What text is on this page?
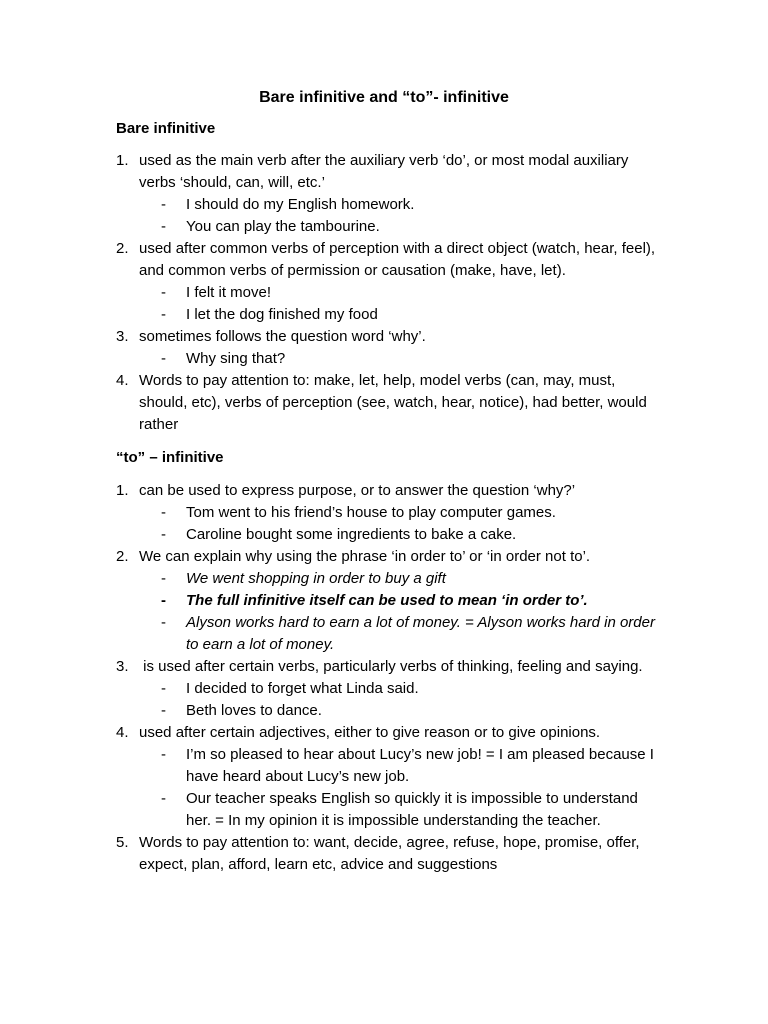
Bare infinitive and “to”- infinitive
Bare infinitive
1. used as the main verb after the auxiliary verb ‘do’, or most modal auxiliary verbs ‘should, can, will, etc.’
- I should do my English homework.
- You can play the tambourine.
2. used after common verbs of perception with a direct object (watch, hear, feel), and common verbs of permission or causation (make, have, let).
- I felt it move!
- I let the dog finished my food
3. sometimes follows the question word ‘why’.
- Why sing that?
4. Words to pay attention to: make, let, help, model verbs (can, may, must, should, etc), verbs of perception (see, watch, hear, notice), had better, would rather
“to” – infinitive
1. can be used to express purpose, or to answer the question ‘why?’
- Tom went to his friend’s house to play computer games.
- Caroline bought some ingredients to bake a cake.
2. We can explain why using the phrase ‘in order to’ or ‘in order not to’.
- We went shopping in order to buy a gift
- The full infinitive itself can be used to mean ‘in order to’.
- Alyson works hard to earn a lot of money. = Alyson works hard in order to earn a lot of money.
3. is used after certain verbs, particularly verbs of thinking, feeling and saying.
- I decided to forget what Linda said.
- Beth loves to dance.
4. used after certain adjectives, either to give reason or to give opinions.
- I’m so pleased to hear about Lucy’s new job! = I am pleased because I have heard about Lucy’s new job.
- Our teacher speaks English so quickly it is impossible to understand her. = In my opinion it is impossible understanding the teacher.
5. Words to pay attention to: want, decide, agree, refuse, hope, promise, offer, expect, plan, afford, learn etc, advice and suggestions
